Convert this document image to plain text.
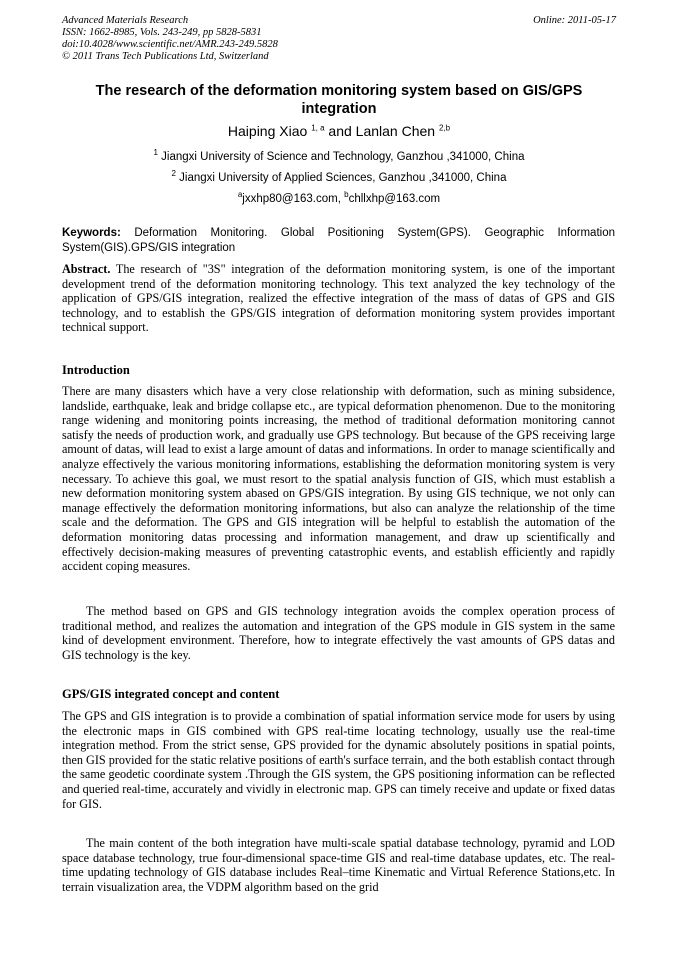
Advanced Materials Research
ISSN: 1662-8985, Vols. 243-249, pp 5828-5831
doi:10.4028/www.scientific.net/AMR.243-249.5828
© 2011 Trans Tech Publications Ltd, Switzerland
Online: 2011-05-17
The research of the deformation monitoring system based on GIS/GPS integration
Haiping Xiao $^{1, a}$ and Lanlan Chen $^{2,b}$
$^1$ Jiangxi University of Science and Technology, Ganzhou ,341000, China
$^2$ Jiangxi University of Applied Sciences, Ganzhou ,341000, China
$^a$jxxhp80@163.com, $^b$chllxhp@163.com
Keywords: Deformation Monitoring. Global Positioning System(GPS). Geographic Information System(GIS).GPS/GIS integration
Abstract. The research of "3S" integration of the deformation monitoring system, is one of the important development trend of the deformation monitoring technology. This text analyzed the key technology of the application of GPS/GIS integration, realized the effective integration of the mass of datas of GPS and GIS technology, and to establish the GPS/GIS integration of deformation monitoring system provides important technical support.
Introduction
There are many disasters which have a very close relationship with deformation, such as mining subsidence, landslide, earthquake, leak and bridge collapse etc., are typical deformation phenomenon. Due to the monitoring range widening and monitoring points increasing, the method of traditional deformation monitoring cannot satisfy the needs of production work, and gradually use GPS technology. But because of the GPS receiving large amount of datas, will lead to exist a large amount of datas and informations. In order to manage scientifically and analyze effectively the various monitoring informations, establishing the deformation monitoring system is very necessary. To achieve this goal, we must resort to the spatial analysis function of GIS, which must establish a new deformation monitoring system abased on GPS/GIS integration. By using GIS technique, we not only can manage effectively the deformation monitoring informations, but also can analyze the relationship of the time scale and the deformation. The GPS and GIS integration will be helpful to establish the automation of the deformation monitoring datas processing and information management, and draw up scientifically and effectively decision-making measures of preventing catastrophic events, and establish efficiently and rapidly accident coping measures.
The method based on GPS and GIS technology integration avoids the complex operation process of traditional method, and realizes the automation and integration of the GPS module in GIS system in the same kind of development environment. Therefore, how to integrate effectively the vast amounts of GPS datas and GIS technology is the key.
GPS/GIS integrated concept and content
The GPS and GIS integration is to provide a combination of spatial information service mode for users by using the electronic maps in GIS combined with GPS real-time locating technology, usually use the real-time integration method. From the strict sense, GPS provided for the dynamic absolutely positions in spatial points, then GIS provided for the static relative positions of earth's surface terrain, and the both establish contact through the same geodetic coordinate system .Through the GIS system, the GPS positioning information can be reflected and queried real-time, accurately and vividly in electronic map. GPS can timely receive and update or fixed datas for GIS.
The main content of the both integration have multi-scale spatial database technology, pyramid and LOD space database technology, true four-dimensional space-time GIS and real-time database updates, etc. The real-time updating technology of GIS database includes Real–time Kinematic and Virtual Reference Stations,etc. In terrain visualization area, the VDPM algorithm based on the grid
